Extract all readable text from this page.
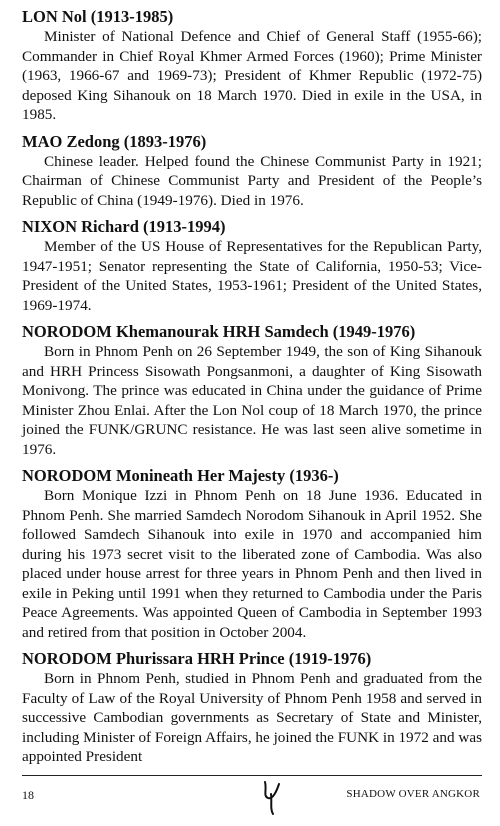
LON Nol (1913-1985)

Minister of National Defence and Chief of General Staff (1955-66); Commander in Chief Royal Khmer Armed Forces (1960); Prime Minister (1963, 1966-67 and 1969-73); President of Khmer Republic (1972-75) deposed King Sihanouk on 18 March 1970. Died in exile in the USA, in 1985.

MAO Zedong (1893-1976)

Chinese leader. Helped found the Chinese Communist Party in 1921; Chairman of Chinese Communist Party and President of the People’s Republic of China (1949-1976). Died in 1976.

NIXON Richard (1913-1994)

Member of the US House of Representatives for the Republican Party, 1947-1951; Senator representing the State of California, 1950-53; Vice-President of the United States, 1953-1961; President of the United States, 1969-1974.

NORODOM Khemanourak HRH Samdech (1949-1976)

Born in Phnom Penh on 26 September 1949, the son of King Sihanouk and HRH Princess Sisowath Pongsanmoni, a daughter of King Sisowath Monivong. The prince was educated in China under the guidance of Prime Minister Zhou Enlai. After the Lon Nol coup of 18 March 1970, the prince joined the FUNK/GRUNC resistance. He was last seen alive sometime in 1976.

NORODOM Monineath Her Majesty (1936-)

Born Monique Izzi in Phnom Penh on 18 June 1936. Educated in Phnom Penh. She married Samdech Norodom Sihanouk in April 1952. She followed Samdech Sihanouk into exile in 1970 and accompanied him during his 1973 secret visit to the liberated zone of Cambodia. Was also placed under house arrest for three years in Phnom Penh and then lived in exile in Peking until 1991 when they returned to Cambodia under the Paris Peace Agreements. Was appointed Queen of Cambodia in September 1993 and retired from that position in October 2004.

NORODOM Phurissara HRH Prince (1919-1976)

Born in Phnom Penh, studied in Phnom Penh and graduated from the Faculty of Law of the Royal University of Phnom Penh 1958 and served in successive Cambodian governments as Secretary of State and Minister, including Minister of Foreign Affairs, he joined the FUNK in 1972 and was appointed President

18	SHADOW OVER ANGKOR
